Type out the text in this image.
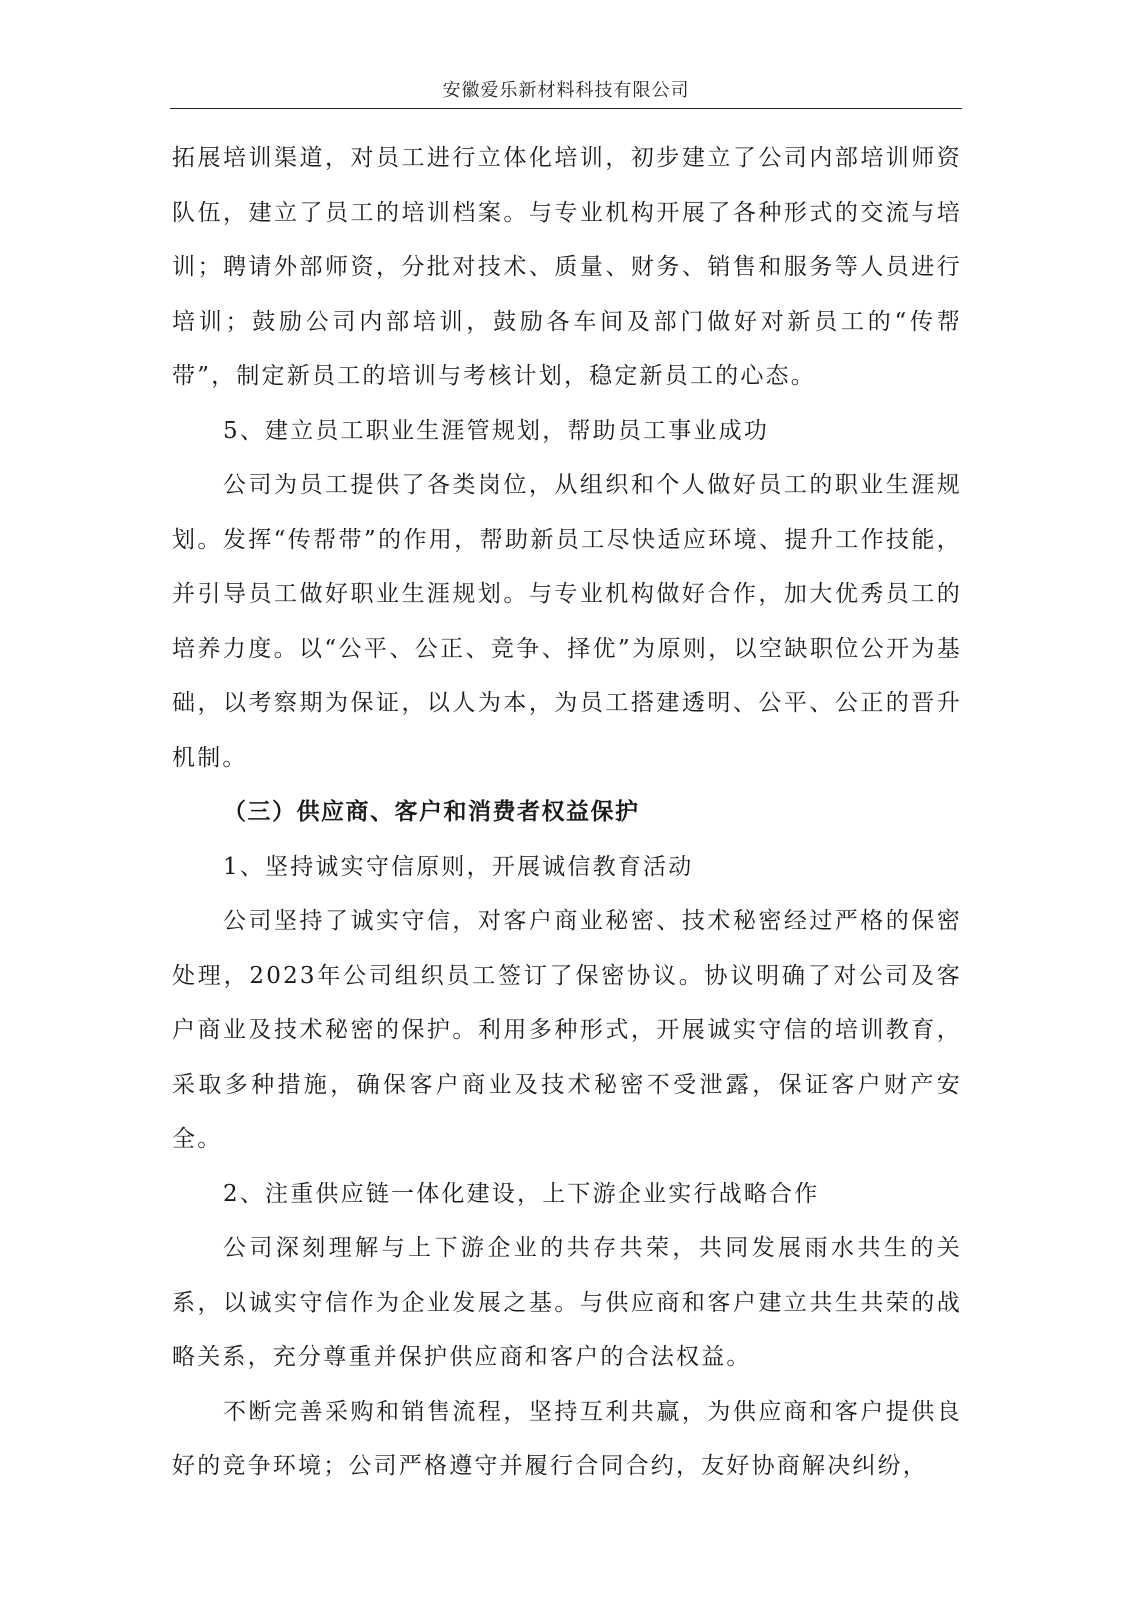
安徽爱乐新材料科技有限公司

拓展培训渠道，对员工进行立体化培训，初步建立了公司内部培训师资队伍，建立了员工的培训档案。与专业机构开展了各种形式的交流与培训；聘请外部师资，分批对技术、质量、财务、销售和服务等人员进行培训；鼓励公司内部培训，鼓励各车间及部门做好对新员工的“传帮带”，制定新员工的培训与考核计划，稳定新员工的心态。

5、建立员工职业生涯管规划，帮助员工事业成功

公司为员工提供了各类岗位，从组织和个人做好员工的职业生涯规划。发挥“传帮带”的作用，帮助新员工尽快适应环境、提升工作技能，并引导员工做好职业生涯规划。与专业机构做好合作，加大优秀员工的培养力度。以“公平、公正、竞争、择优”为原则，以空缺职位公开为基础，以考察期为保证，以人为本，为员工搭建透明、公平、公正的晋升机制。

（三）供应商、客户和消费者权益保护

1、坚持诚实守信原则，开展诚信教育活动

公司坚持了诚实守信，对客户商业秘密、技术秘密经过严格的保密处理，2023年公司组织员工签订了保密协议。协议明确了对公司及客户商业及技术秘密的保护。利用多种形式，开展诚实守信的培训教育，采取多种措施，确保客户商业及技术秘密不受泄露，保证客户财产安全。

2、注重供应链一体化建设，上下游企业实行战略合作

公司深刻理解与上下游企业的共存共荣，共同发展雨水共生的关系，以诚实守信作为企业发展之基。与供应商和客户建立共生共荣的战略关系，充分尊重并保护供应商和客户的合法权益。

不断完善采购和销售流程，坚持互利共赢，为供应商和客户提供良好的竞争环境；公司严格遵守并履行合同合约，友好协商解决纠纷，
